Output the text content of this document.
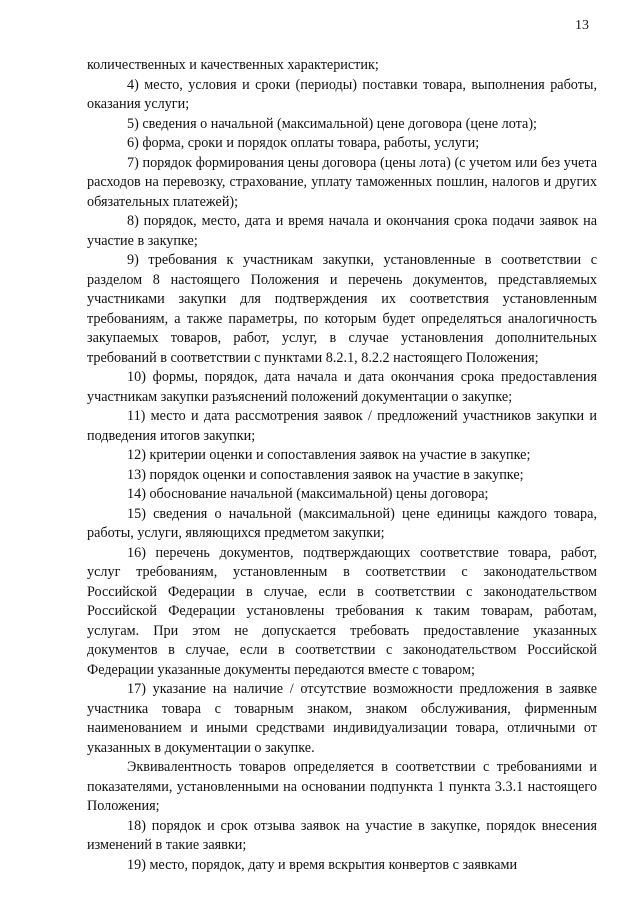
13

количественных и качественных характеристик;

4) место, условия и сроки (периоды) поставки товара, выполнения работы, оказания услуги;

5) сведения о начальной (максимальной) цене договора (цене лота);

6) форма, сроки и порядок оплаты товара, работы, услуги;

7) порядок формирования цены договора (цены лота) (с учетом или без учета расходов на перевозку, страхование, уплату таможенных пошлин, налогов и других обязательных платежей);

8) порядок, место, дата и время начала и окончания срока подачи заявок на участие в закупке;

9) требования к участникам закупки, установленные в соответствии с разделом 8 настоящего Положения и перечень документов, представляемых участниками закупки для подтверждения их соответствия установленным требованиям, а также параметры, по которым будет определяться аналогичность закупаемых товаров, работ, услуг, в случае установления дополнительных требований в соответствии с пунктами 8.2.1, 8.2.2 настоящего Положения;

10) формы, порядок, дата начала и дата окончания срока предоставления участникам закупки разъяснений положений документации о закупке;

11) место и дата рассмотрения заявок / предложений участников закупки и подведения итогов закупки;

12) критерии оценки и сопоставления заявок на участие в закупке;

13) порядок оценки и сопоставления заявок на участие в закупке;

14) обоснование начальной (максимальной) цены договора;

15) сведения о начальной (максимальной) цене единицы каждого товара, работы, услуги, являющихся предметом закупки;

16) перечень документов, подтверждающих соответствие товара, работ, услуг требованиям, установленным в соответствии с законодательством Российской Федерации в случае, если в соответствии с законодательством Российской Федерации установлены требования к таким товарам, работам, услугам. При этом не допускается требовать предоставление указанных документов в случае, если в соответствии с законодательством Российской Федерации указанные документы передаются вместе с товаром;

17) указание на наличие / отсутствие возможности предложения в заявке участника товара с товарным знаком, знаком обслуживания, фирменным наименованием и иными средствами индивидуализации товара, отличными от указанных в документации о закупке.

Эквивалентность товаров определяется в соответствии с требованиями и показателями, установленными на основании подпункта 1 пункта 3.3.1 настоящего Положения;

18) порядок и срок отзыва заявок на участие в закупке, порядок внесения изменений в такие заявки;

19) место, порядок, дату и время вскрытия конвертов с заявками
